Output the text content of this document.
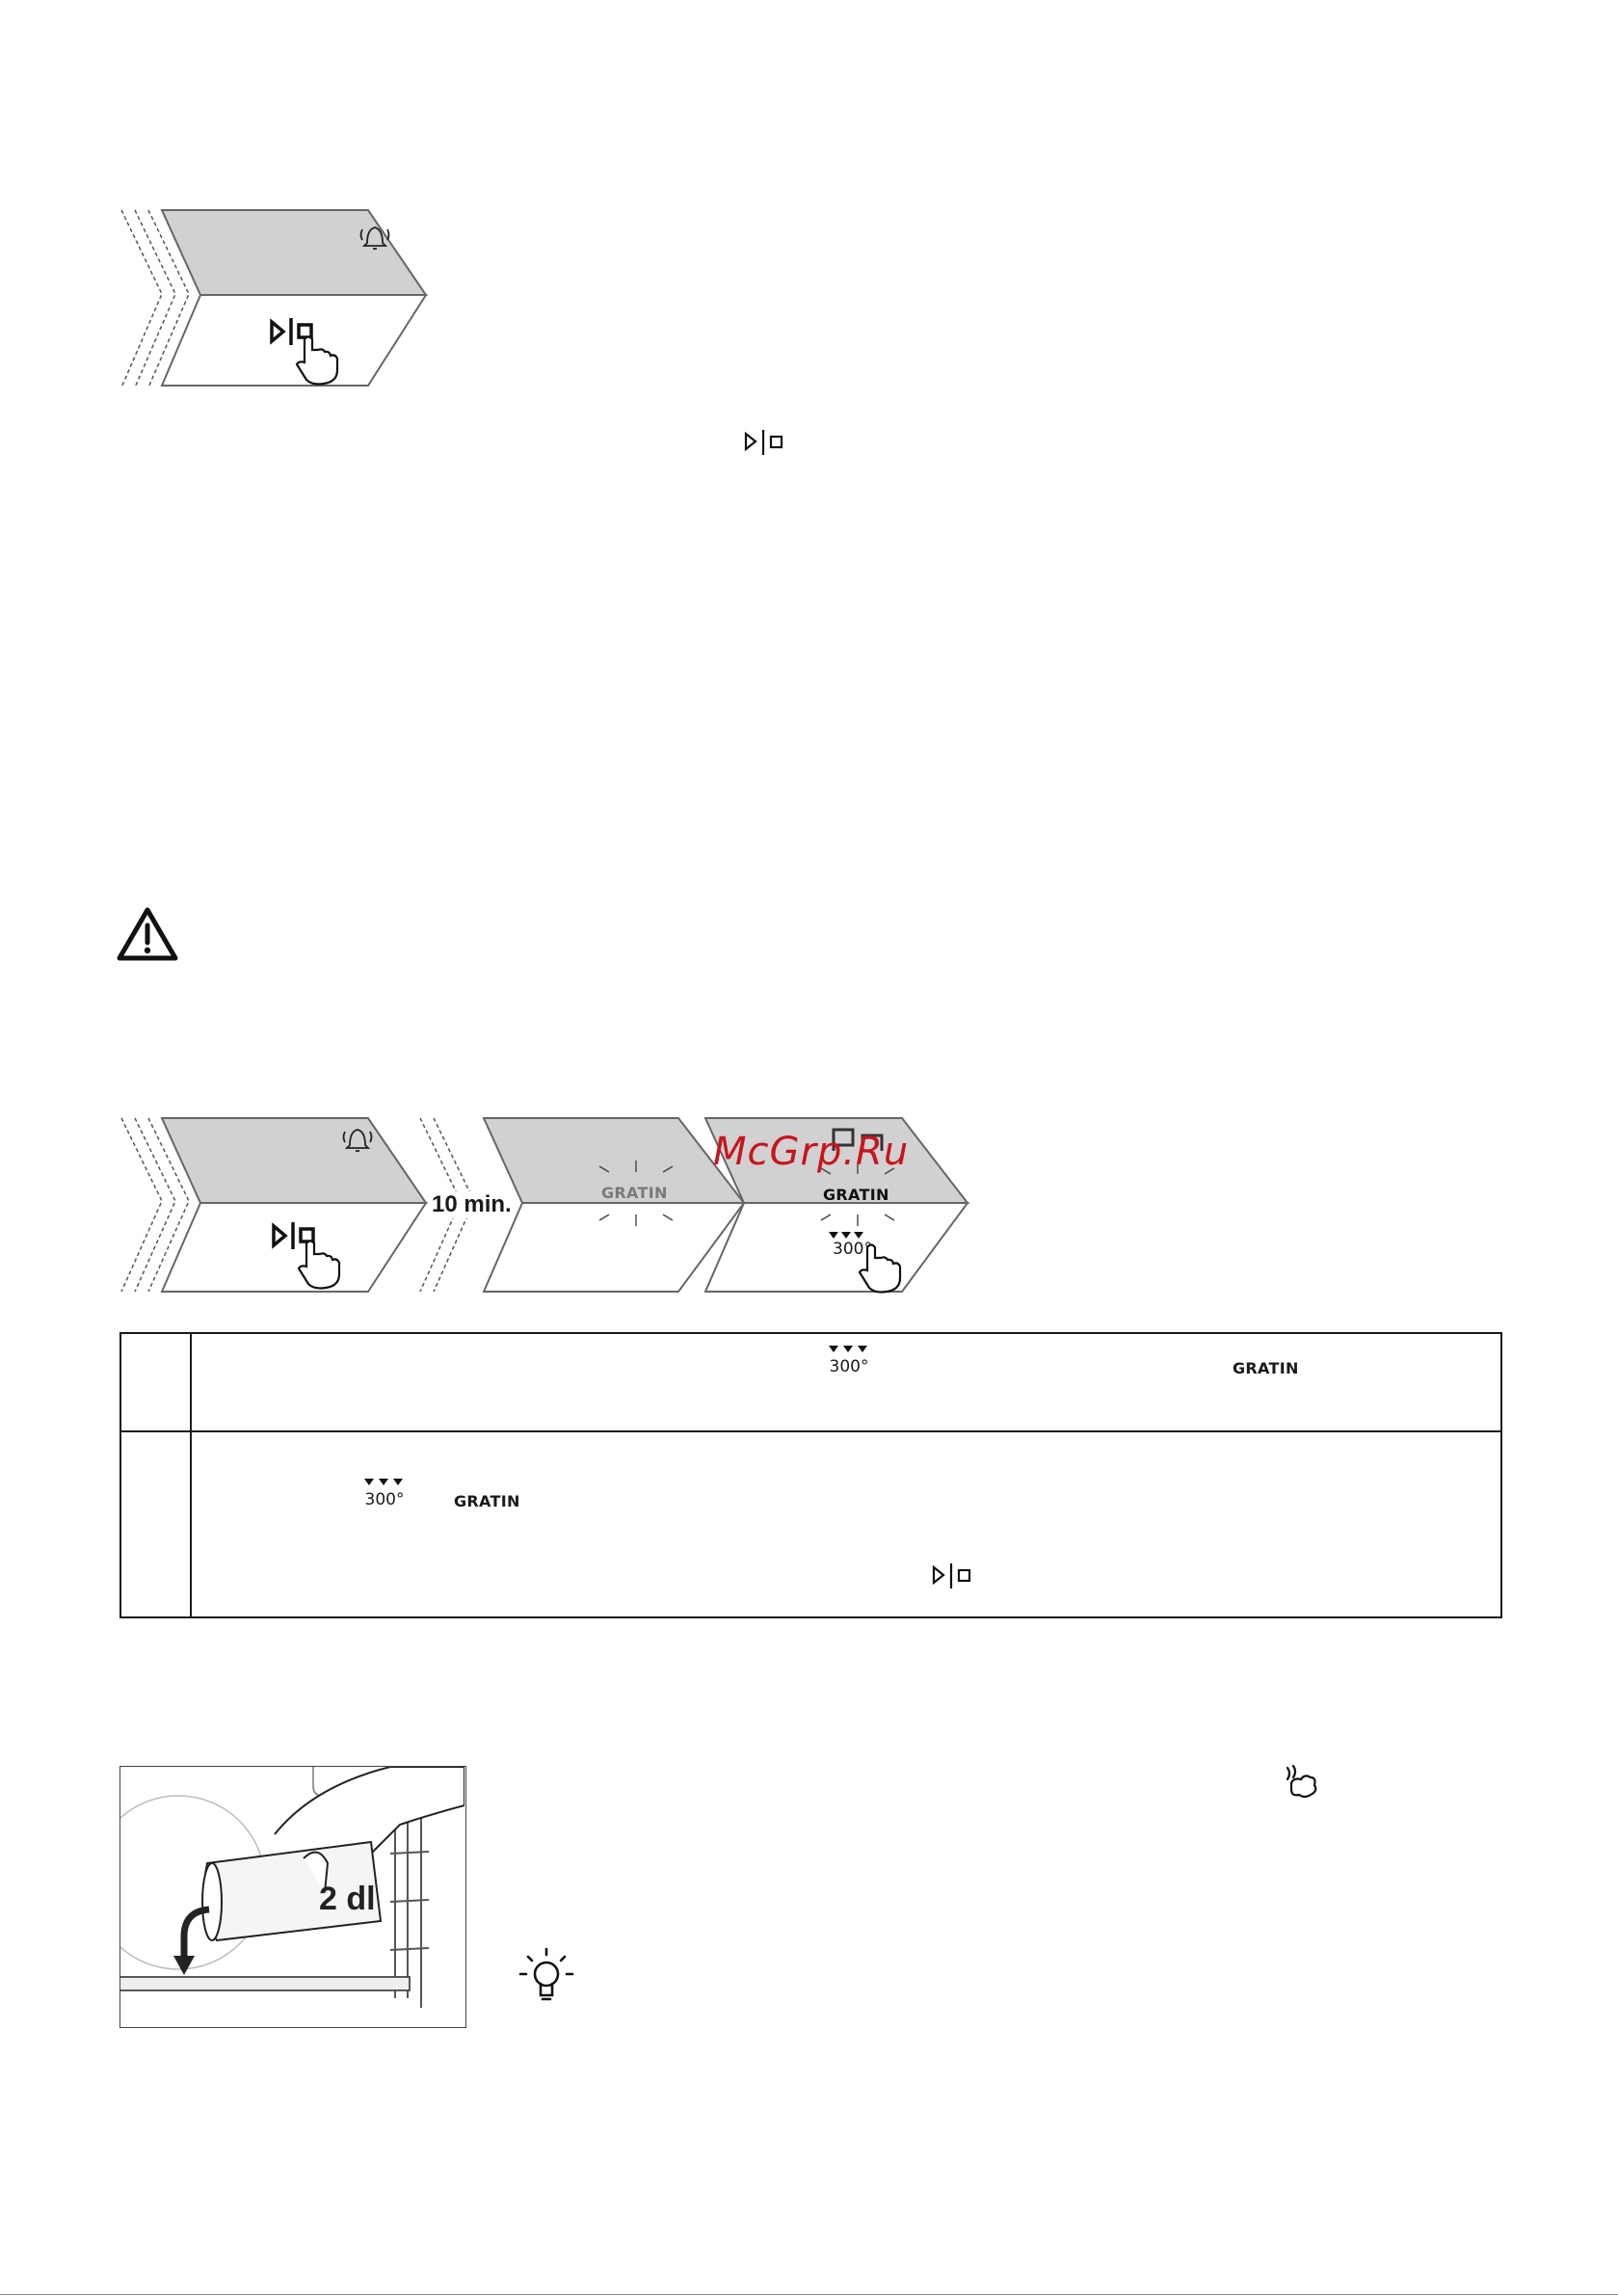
10 min.	GRATIN	GRATIN
300°
McGrp.Ru
300°	GRATIN
300°	GRATIN
2 dl
